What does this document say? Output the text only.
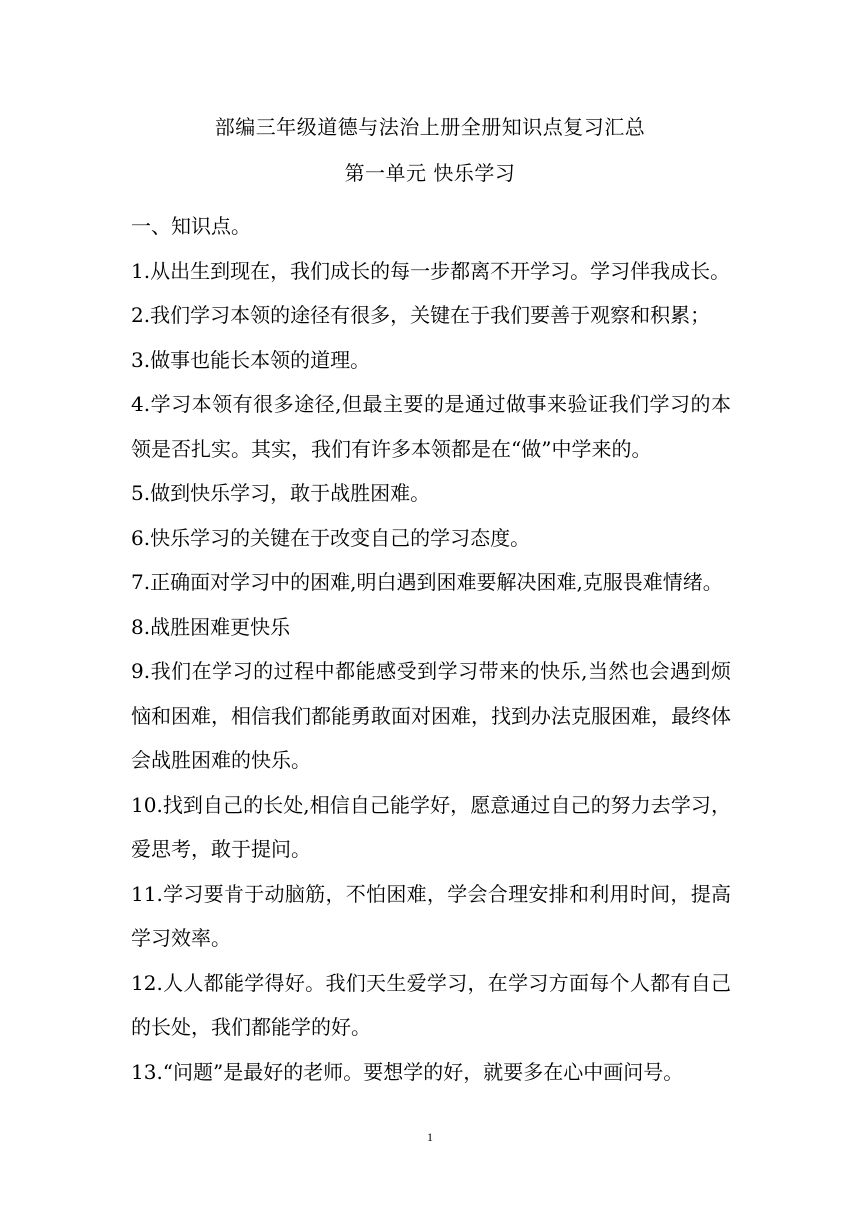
部编三年级道德与法治上册全册知识点复习汇总
第一单元 快乐学习
一、知识点。
1.从出生到现在，我们成长的每一步都离不开学习。学习伴我成长。
2.我们学习本领的途径有很多，关键在于我们要善于观察和积累；
3.做事也能长本领的道理。
4.学习本领有很多途径,但最主要的是通过做事来验证我们学习的本
领是否扎实。其实，我们有许多本领都是在“做”中学来的。
5.做到快乐学习，敢于战胜困难。
6.快乐学习的关键在于改变自己的学习态度。
7.正确面对学习中的困难,明白遇到困难要解决困难,克服畏难情绪。
8.战胜困难更快乐
9.我们在学习的过程中都能感受到学习带来的快乐,当然也会遇到烦
恼和困难，相信我们都能勇敢面对困难，找到办法克服困难，最终体
会战胜困难的快乐。
10.找到自己的长处,相信自己能学好，愿意通过自己的努力去学习，
爱思考，敢于提问。
11.学习要肯于动脑筋，不怕困难，学会合理安排和利用时间，提高
学习效率。
12.人人都能学得好。我们天生爱学习，在学习方面每个人都有自己
的长处，我们都能学的好。
13.“问题”是最好的老师。要想学的好，就要多在心中画问号。
1
